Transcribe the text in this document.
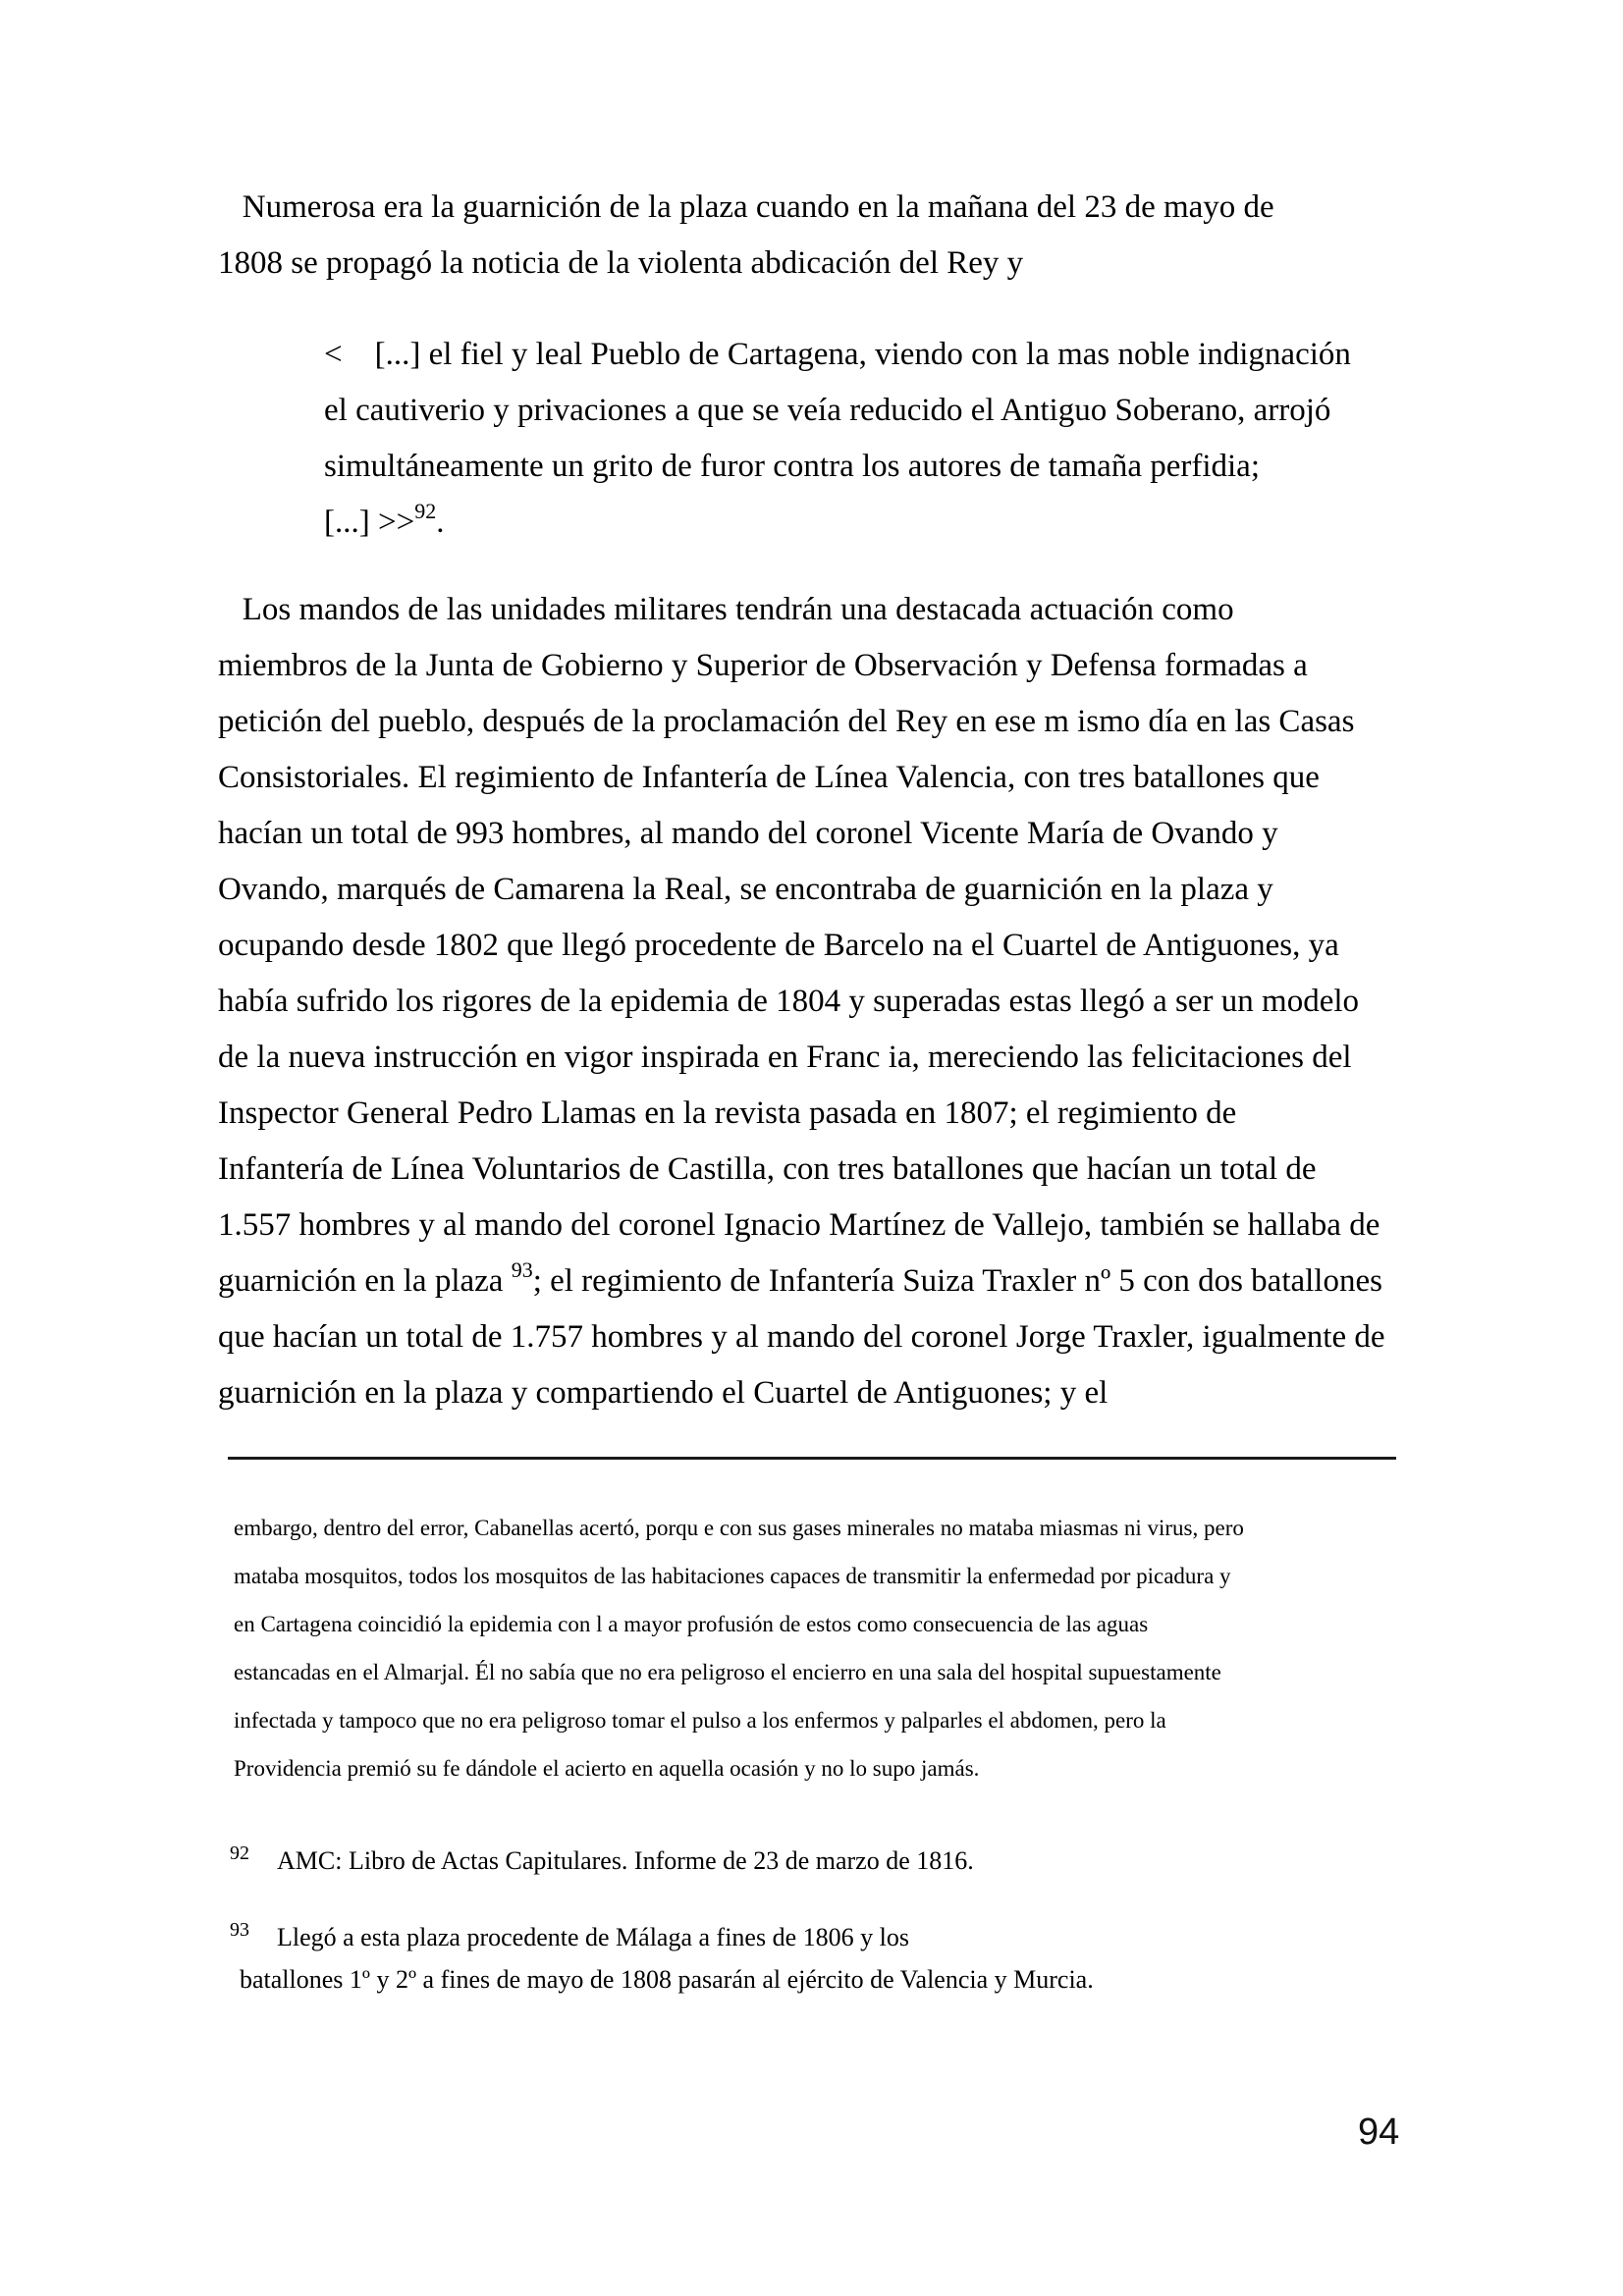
Numerosa era la guarnición de la plaza cuando en la mañana del 23 de mayo de
1808 se propagó la noticia de la violenta abdicación del Rey y
<    [...] el fiel y leal Pueblo de Cartagena, viendo con la mas noble indignación
el cautiverio y privaciones a que se veía reducido el Antiguo Soberano, arrojó
simultáneamente un grito de furor contra los autores de tamaña perfidia;
[...] >>$^{92}$.
Los mandos de las unidades militares tendrán una destacada actuación como
miembros de la Junta de Gobierno y Superior de Observación y Defensa formadas a
petición del pueblo, después de la proclamación del Rey en ese m ismo día en las Casas
Consistoriales. El regimiento de Infantería de Línea Valencia, con tres batallones que
hacían un total de 993 hombres, al mando del coronel Vicente María de Ovando y
Ovando, marqués de Camarena la Real, se encontraba de guarnición en la plaza y
ocupando desde 1802 que llegó procedente de Barcelo na el Cuartel de Antiguones, ya
había sufrido los rigores de la epidemia de 1804 y superadas estas llegó a ser un modelo
de la nueva instrucción en vigor inspirada en Franc ia, mereciendo las felicitaciones del
Inspector General Pedro Llamas en la revista pasada en 1807; el regimiento de
Infantería de Línea Voluntarios de Castilla, con tres batallones que hacían un total de
1.557 hombres y al mando del coronel Ignacio Martínez de Vallejo, también se hallaba de
guarnición en la plaza $^{93}$; el regimiento de Infantería Suiza Traxler nº 5 con dos batallones
que hacían un total de 1.757 hombres y al mando del coronel Jorge Traxler, igualmente de
guarnición en la plaza y compartiendo el Cuartel de Antiguones; y el
embargo, dentro del error, Cabanellas acertó, porqu e con sus gases minerales no mataba miasmas ni virus, pero
mataba mosquitos, todos los mosquitos de las habitaciones capaces de transmitir la enfermedad por picadura y
en Cartagena coincidió la epidemia con l a mayor profusión de estos como consecuencia de las aguas
estancadas en el Almarjal. Él no sabía que no era peligroso el encierro en una sala del hospital supuestamente
infectada y tampoco que no era peligroso tomar el pulso a los enfermos y palparles el abdomen, pero la
Providencia premió su fe dándole el acierto en aquella ocasión y no lo supo jamás.

$^{92}$ AMC: Libro de Actas Capitulares. Informe de 23 de marzo de 1816.

$^{93}$ Llegó a esta plaza procedente de Málaga a fines de 1806 y los

batallones 1º y 2º a fines de mayo de 1808 pasarán al ejército de Valencia y Murcia.
94
